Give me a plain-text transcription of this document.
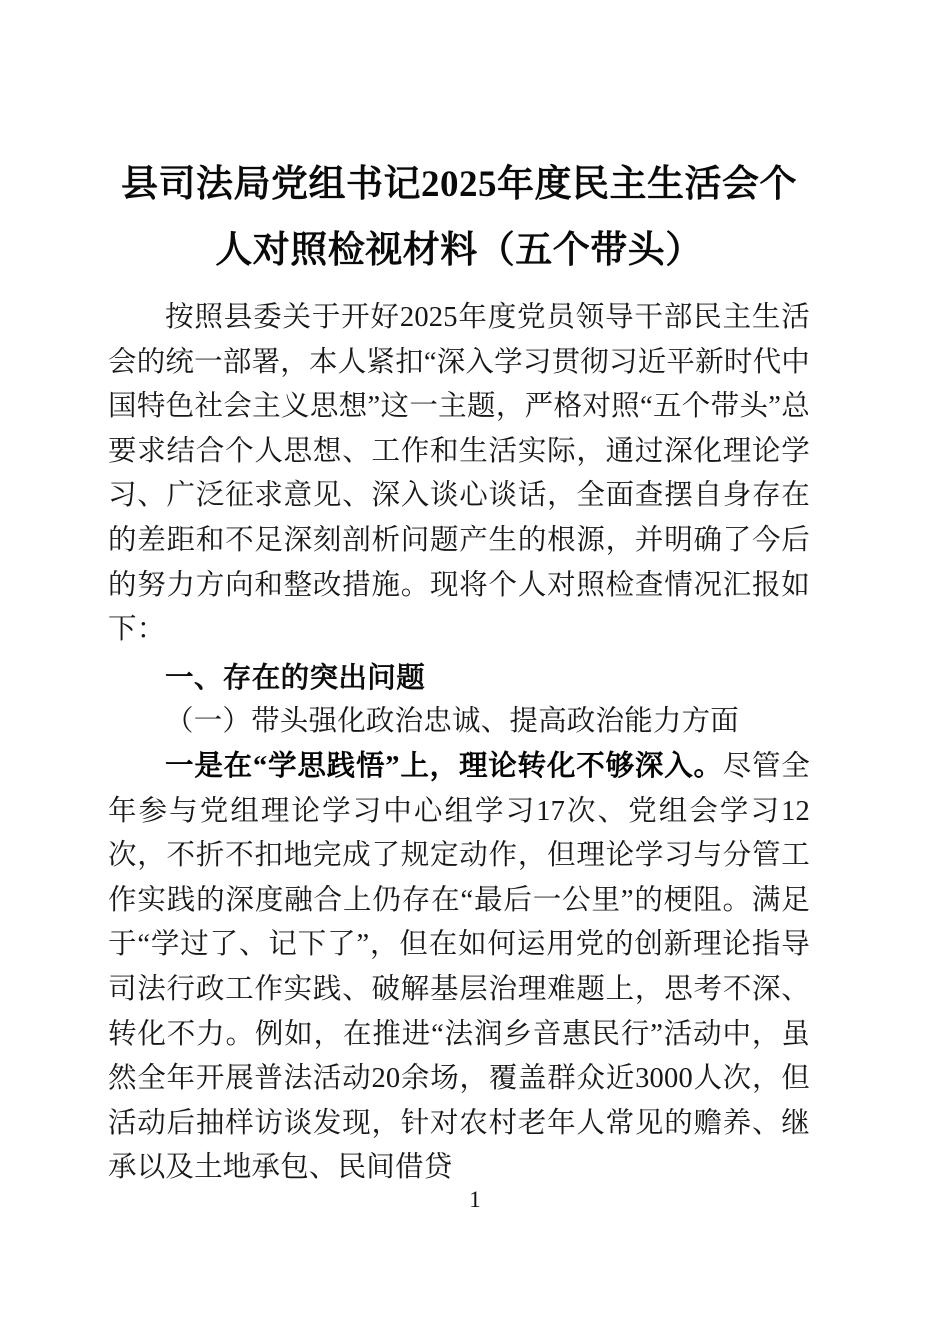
县司法局党组书记2025年度民主生活会个
人对照检视材料（五个带头）

按照县委关于开好2025年度党员领导干部民主生活会的统一部署，本人紧扣“深入学习贯彻习近平新时代中国特色社会主义思想”这一主题，严格对照“五个带头”总要求结合个人思想、工作和生活实际，通过深化理论学习、广泛征求意见、深入谈心谈话，全面查摆自身存在的差距和不足深刻剖析问题产生的根源，并明确了今后的努力方向和整改措施。现将个人对照检查情况汇报如下：

一、存在的突出问题

（一）带头强化政治忠诚、提高政治能力方面

一是在“学思践悟”上，理论转化不够深入。尽管全年参与党组理论学习中心组学习17次、党组会学习12次，不折不扣地完成了规定动作，但理论学习与分管工作实践的深度融合上仍存在“最后一公里”的梗阻。满足于“学过了、记下了”，但在如何运用党的创新理论指导司法行政工作实践、破解基层治理难题上，思考不深、转化不力。例如，在推进“法润乡音惠民行”活动中，虽然全年开展普法活动20余场，覆盖群众近3000人次，但活动后抽样访谈发现，针对农村老年人常见的赡养、继承以及土地承包、民间借贷

1
